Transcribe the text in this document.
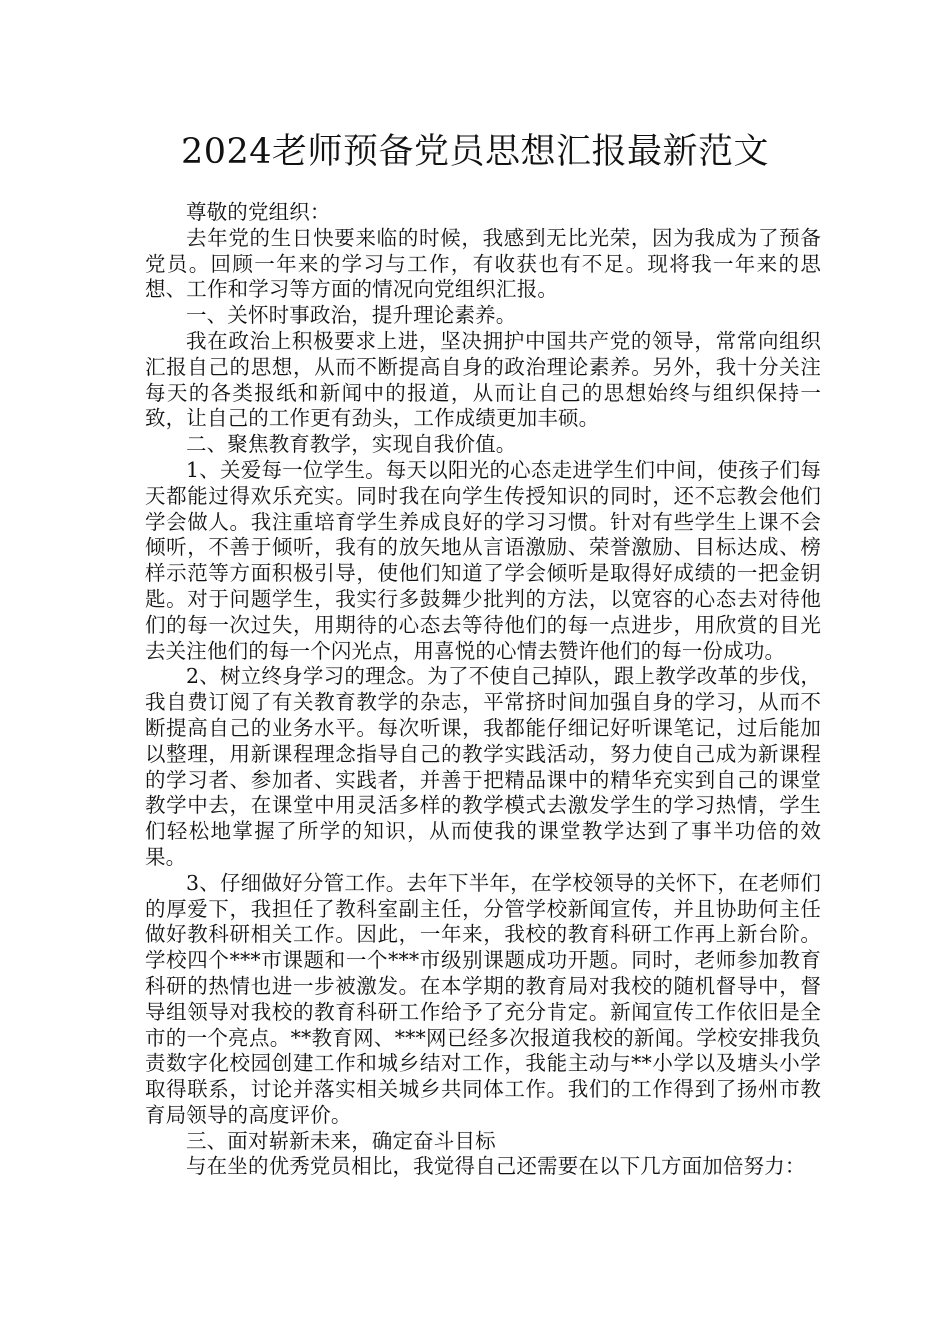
2024老师预备党员思想汇报最新范文

尊敬的党组织：

去年党的生日快要来临的时候，我感到无比光荣，因为我成为了预备党员。回顾一年来的学习与工作，有收获也有不足。现将我一年来的思想、工作和学习等方面的情况向党组织汇报。

一、关怀时事政治，提升理论素养。

我在政治上积极要求上进，坚决拥护中国共产党的领导，常常向组织汇报自己的思想，从而不断提高自身的政治理论素养。另外，我十分关注每天的各类报纸和新闻中的报道，从而让自己的思想始终与组织保持一致，让自己的工作更有劲头，工作成绩更加丰硕。

二、聚焦教育教学，实现自我价值。

1、关爱每一位学生。每天以阳光的心态走进学生们中间，使孩子们每天都能过得欢乐充实。同时我在向学生传授知识的同时，还不忘教会他们学会做人。我注重培育学生养成良好的学习习惯。针对有些学生上课不会倾听，不善于倾听，我有的放矢地从言语激励、荣誉激励、目标达成、榜样示范等方面积极引导，使他们知道了学会倾听是取得好成绩的一把金钥匙。对于问题学生，我实行多鼓舞少批判的方法，以宽容的心态去对待他们的每一次过失，用期待的心态去等待他们的每一点进步，用欣赏的目光去关注他们的每一个闪光点，用喜悦的心情去赞许他们的每一份成功。

2、树立终身学习的理念。为了不使自己掉队，跟上教学改革的步伐，我自费订阅了有关教育教学的杂志，平常挤时间加强自身的学习，从而不断提高自己的业务水平。每次听课，我都能仔细记好听课笔记，过后能加以整理，用新课程理念指导自己的教学实践活动，努力使自己成为新课程的学习者、参加者、实践者，并善于把精品课中的精华充实到自己的课堂教学中去，在课堂中用灵活多样的教学模式去激发学生的学习热情，学生们轻松地掌握了所学的知识，从而使我的课堂教学达到了事半功倍的效果。

3、仔细做好分管工作。去年下半年，在学校领导的关怀下，在老师们的厚爱下，我担任了教科室副主任，分管学校新闻宣传，并且协助何主任做好教科研相关工作。因此，一年来，我校的教育科研工作再上新台阶。学校四个***市课题和一个***市级别课题成功开题。同时，老师参加教育科研的热情也进一步被激发。在本学期的教育局对我校的随机督导中，督导组领导对我校的教育科研工作给予了充分肯定。新闻宣传工作依旧是全市的一个亮点。**教育网、***网已经多次报道我校的新闻。学校安排我负责数字化校园创建工作和城乡结对工作，我能主动与**小学以及塘头小学取得联系，讨论并落实相关城乡共同体工作。我们的工作得到了扬州市教育局领导的高度评价。

三、面对崭新未来，确定奋斗目标

与在坐的优秀党员相比，我觉得自己还需要在以下几方面加倍努力：
